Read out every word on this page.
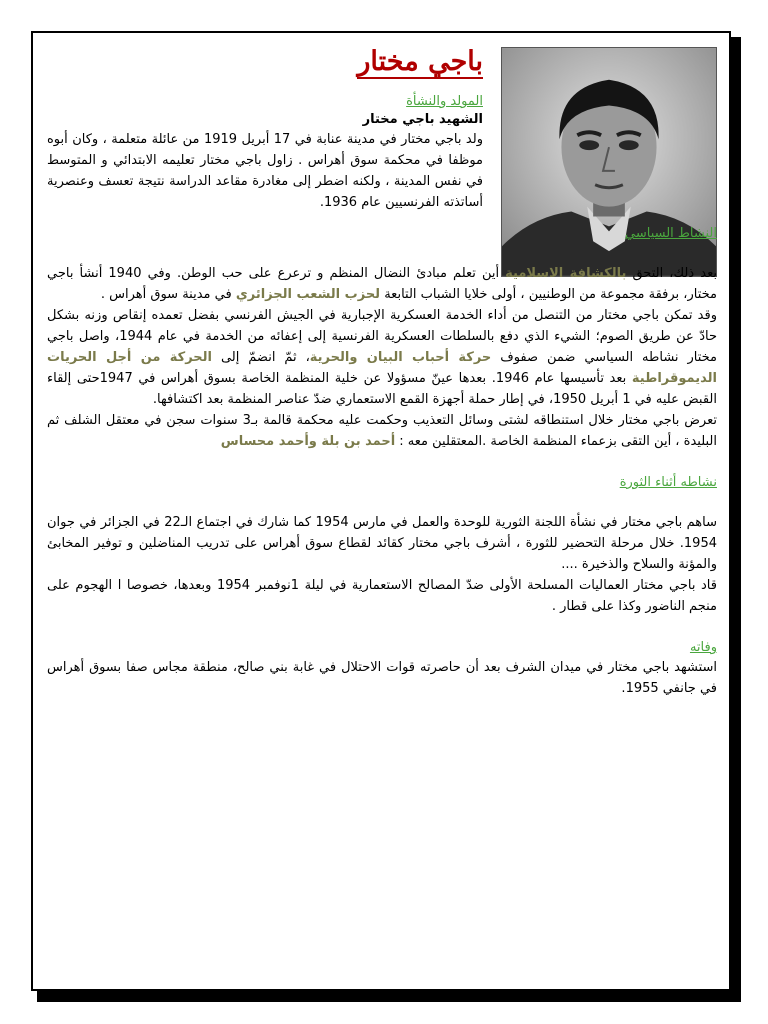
باجي مختار
المولد والنشأة
الشهيد باجي مختار

ولد باجي مختار في مدينة عنابة في 17 أبريل 1919 من عائلة متعلمة ، وكان أبوه موظفا في محكمة سوق أهراس . زاول باجي مختار تعليمه الابتدائي و المتوسط في نفس المدينة ، ولكنه اضطر إلى مغادرة مقاعد الدراسة نتيجة تعسف وعنصرية أساتذته الفرنسيين عام 1936.

النشاط السياسي

بعد ذلك، التحق بالكشافة الاسلامية أين تعلم مبادئ النضال المنظم و ترعرع على حب الوطن. وفي 1940 أنشأ باجي مختار، برفقة مجموعة من الوطنيين ، أولى خلايا الشباب التابعة لحزب الشعب الجزائري في مدينة سوق أهراس .

وقد تمكن باجي مختار من التنصل من أداء الخدمة العسكرية الإجبارية في الجيش الفرنسي بفضل تعمده إنقاص وزنه بشكل حادّ عن طريق الصوم؛ الشيء الذي دفع بالسلطات العسكرية الفرنسية إلى إعفائه من الخدمة في عام 1944، واصل باجي مختار نشاطه السياسي ضمن صفوف حركة أحباب البيان والحرية، ثمّ انضمّ إلى الحركة من أجل الحريات الديموقراطية بعد تأسيسها عام 1946. بعدها عينّ مسؤولا عن خلية المنظمة الخاصة بسوق أهراس في 1947حتى إلقاء القبض عليه في 1 أبريل 1950، في إطار حملة أجهزة القمع الاستعماري ضدّ عناصر المنظمة بعد اكتشافها.

تعرض باجي مختار خلال استنطاقه لشتى وسائل التعذيب وحكمت عليه محكمة قالمة بـ3 سنوات سجن في معتقل الشلف ثم البليدة ، أين التقى بزعماء المنظمة الخاصة .المعتقلين معه : أحمد بن بلة وأحمد محساس

نشاطه أثناء الثورة

ساهم باجي مختار في نشأة اللجنة الثورية للوحدة والعمل في مارس 1954 كما شارك في اجتماع الـ22 في الجزائر في جوان 1954. خلال مرحلة التحضير للثورة ، أشرف باجي مختار كقائد لقطاع سوق أهراس على تدريب المناضلين و توفير المخابئ والمؤنة والسلاح والذخيرة ....

قاد باجي مختار العماليات المسلحة الأولى ضدّ المصالح الاستعمارية في ليلة 1نوفمبر 1954 وبعدها، خصوصا ا الهجوم على منجم الناضور وكذا على قطار .

وفاته

استشهد باجي مختار في ميدان الشرف بعد أن حاصرته قوات الاحتلال في غابة بني صالح، منطقة مجاس صفا بسوق أهراس في جانفي 1955.
